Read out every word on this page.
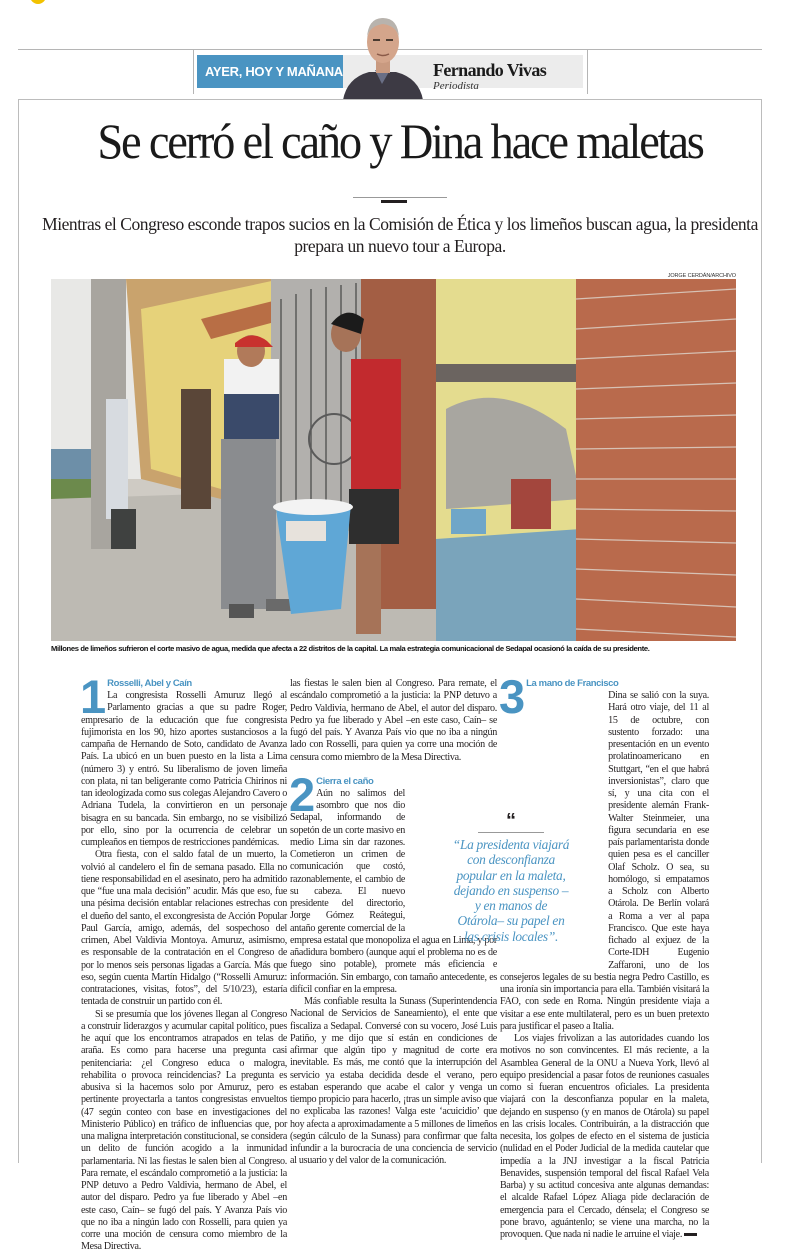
AYER, HOY Y MAÑANA	Fernando Vivas
Periodista
Se cerró el caño y Dina hace maletas
Mientras el Congreso esconde trapos sucios en la Comisión de Ética y los limeños buscan agua, la presidenta prepara un nuevo tour a Europa.
JORGE CERDÁN/ARCHIVO
Millones de limeños sufrieron el corte masivo de agua, medida que afecta a 22 distritos de la capital. La mala estrategia comunicacional de Sedapal ocasionó la caída de su presidente.
1 Rosselli, Abel y Caín

La congresista Rosselli Amuruz llegó al Parlamento gracias a que su padre Roger, empresario de la educación que fue congresista fujimorista en los 90, hizo aportes sustanciosos a la campaña de Hernando de Soto, candidato de Avanza País. La ubicó en un buen puesto en la lista a Lima (número 3) y entró. Su liberalismo de joven limeña con plata, ni tan beligerante como Patricia Chirinos ni tan ideologizada como sus colegas Alejandro Cavero o Adriana Tudela, la convirtieron en un personaje bisagra en su bancada. Sin embargo, no se visibilizó por ello, sino por la ocurrencia de celebrar un cumpleaños en tiempos de restricciones pandémicas.

Otra fiesta, con el saldo fatal de un muerto, la volvió al candelero el fin de semana pasado. Ella no tiene responsabilidad en el asesinato, pero ha admitido que “fue una mala decisión” acudir. Más que eso, fue una pésima decisión entablar relaciones estrechas con el dueño del santo, el excongresista de Acción Popular Paul García, amigo, además, del sospechoso del crimen, Abel Valdivia Montoya. Amuruz, asimismo, es responsable de la contratación en el Congreso de por lo menos seis personas ligadas a García. Más que eso, según cuenta Martín Hidalgo (“Rosselli Amuruz: contrataciones, visitas, fotos”, del 5/10/23), estaría tentada de construir un partido con él.

Si se presumía que los jóvenes llegan al Congreso a construir liderazgos y acumular capital político, pues he aquí que los encontramos atrapados en telas de araña. Es como para hacerse una pregunta casi penitenciaria: ¿el Congreso educa o malogra, rehabilita o provoca reincidencias? La pregunta es abusiva si la hacemos solo por Amuruz, pero es pertinente proyectarla a tantos congresistas envueltos (47 según conteo con base en investigaciones del Ministerio Público) en tráfico de influencias que, por una maligna interpretación constitucional, se considera un delito de función acogido a la inmunidad parlamentaria. Ni las fiestas le salen bien al Congreso. Para remate, el escándalo comprometió a la justicia: la PNP detuvo a Pedro Valdivia, hermano de Abel, el autor del disparo. Pedro ya fue liberado y Abel –en este caso, Caín– se fugó del país. Y Avanza País vio que no iba a ningún lado con Rosselli, para quien ya corre una moción de censura como miembro de la Mesa Directiva.

las fiestas le salen bien al Congreso. Para remate, el escándalo comprometió a la justicia: la PNP detuvo a Pedro Valdivia, hermano de Abel, el autor del disparo. Pedro ya fue liberado y Abel –en este caso, Caín– se fugó del país. Y Avanza País vio que no iba a ningún lado con Rosselli, para quien ya corre una moción de censura como miembro de la Mesa Directiva.

2 Cierra el caño

Aún no salimos del asombro que nos dio Sedapal, informando de sopetón de un corte masivo en medio Lima sin dar razones. Cometieron un crimen de comunicación que costó, razonablemente, el cambio de su cabeza. El nuevo presidente del directorio, Jorge Gómez Reátegui, antaño gerente comercial de la empresa estatal que monopoliza el agua en Lima, y por añadidura bombero (aunque aquí el problema no es de fuego sino potable), promete más eficiencia e información. Sin embargo, con tamaño antecedente, es difícil confiar en la empresa.

Más confiable resulta la Sunass (Superintendencia Nacional de Servicios de Saneamiento), el ente que fiscaliza a Sedapal. Conversé con su vocero, José Luis Patiño, y me dijo que sí están en condiciones de afirmar que algún tipo y magnitud de corte era inevitable. Es más, me contó que la interrupción del servicio ya estaba decidida desde el verano, pero estaban esperando que acabe el calor y venga un tiempo propicio para hacerlo, ¡tras un simple aviso que no explicaba las razones! Valga este ‘acuicidio’ que hoy afecta a aproximadamente a 5 millones de limeños (según cálculo de la Sunass) para confirmar que falta infundir a la burocracia de una conciencia de servicio al usuario y del valor de la comunicación.

3 La mano de Francisco

Dina se salió con la suya. Hará otro viaje, del 11 al 15 de octubre, con sustento forzado: una presentación en un evento prolatinoamericano en Stuttgart, “en el que habrá inversionistas”, claro que sí, y una cita con el presidente alemán Frank-Walter Steinmeier, una figura secundaria en ese país parlamentarista donde quien pesa es el canciller Olaf Scholz. O sea, su homólogo, si empatamos a Scholz con Alberto Otárola. De Berlín volará a Roma a ver al papa Francisco. Que este haya fichado al exjuez de la Corte-IDH Eugenio Zaffaroni, uno de los consejeros legales de su bestia negra Pedro Castillo, es una ironía sin importancia para ella. También visitará la FAO, con sede en Roma. Ningún presidente viaja a visitar a ese ente multilateral, pero es un buen pretexto para justificar el paseo a Italia.

Los viajes frivolizan a las autoridades cuando los motivos no son convincentes. El más reciente, a la Asamblea General de la ONU a Nueva York, llevó al equipo presidencial a pasar fotos de reuniones casuales como si fueran encuentros oficiales. La presidenta viajará con la desconfianza popular en la maleta, dejando en suspenso (y en manos de Otárola) su papel en las crisis locales. Contribuirán, a la distracción que necesita, los golpes de efecto en el sistema de justicia (nulidad en el Poder Judicial de la medida cautelar que impedía a la JNJ investigar a la fiscal Patricia Benavides, suspensión temporal del fiscal Rafael Vela Barba) y su actitud concesiva ante algunas demandas: el alcalde Rafael López Aliaga pide declaración de emergencia para el Cercado, dénsela; el Congreso se pone bravo, aguántenlo; se viene una marcha, no la provoquen. Que nada ni nadie le arruine el viaje.

“
“La presidenta viajará con desconfianza popular en la maleta, dejando en suspenso –y en manos de Otárola– su papel en las crisis locales”.
